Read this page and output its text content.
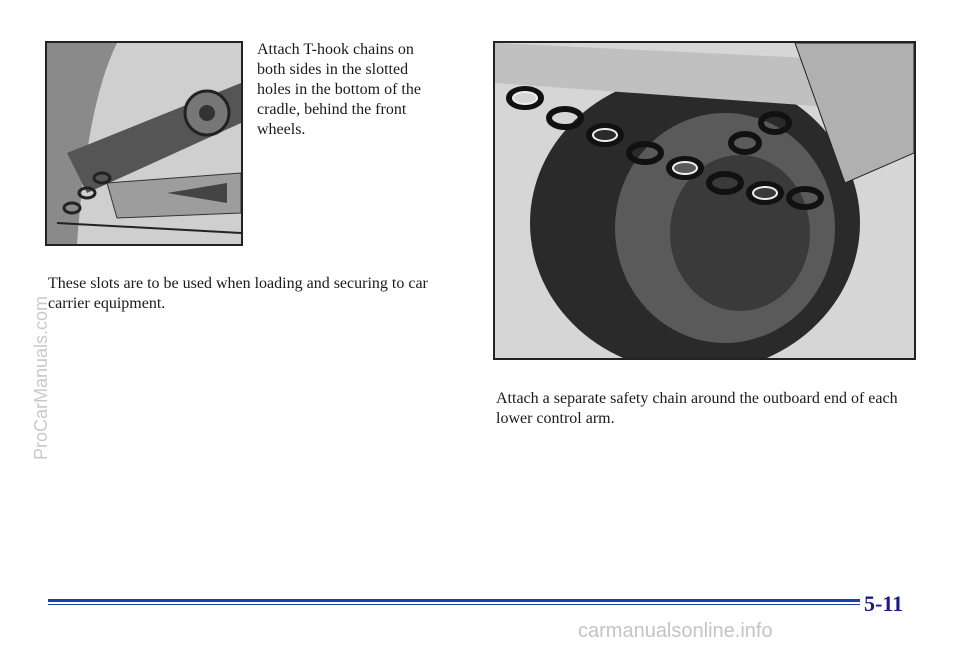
Attach T-hook chains on both sides in the slotted holes in the bottom of the cradle, behind the front wheels.
These slots are to be used when loading and securing to car carrier equipment.
Attach a separate safety chain around the outboard end of each lower control arm.
ProCarManuals.com
5-11
carmanualsonline.info
